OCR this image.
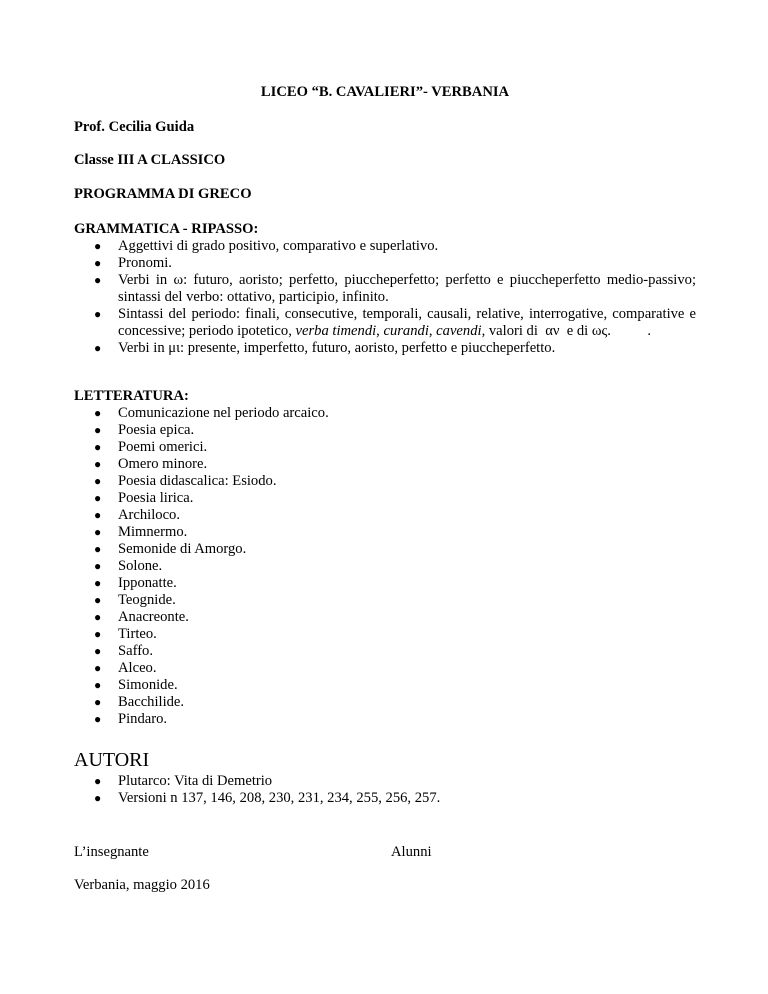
LICEO “B. CAVALIERI”- VERBANIA
Prof. Cecilia Guida
Classe III A CLASSICO
PROGRAMMA DI GRECO
GRAMMATICA - RIPASSO:
● Aggettivi di grado positivo, comparativo e superlativo.
● Pronomi.
● Verbi in ω: futuro, aoristo; perfetto, piuccheperfetto; perfetto e piuccheperfetto medio-passivo; sintassi del verbo: ottativo, participio, infinito.
● Sintassi del periodo: finali, consecutive, temporali, causali, relative, interrogative, comparative e concessive; periodo ipotetico, verba timendi, curandi, cavendi, valori di  αν  e di ως.          .
● Verbi in μι: presente, imperfetto, futuro, aoristo, perfetto e piuccheperfetto.
LETTERATURA:
● Comunicazione nel periodo arcaico.
● Poesia epica.
● Poemi omerici.
● Omero minore.
● Poesia didascalica: Esiodo.
● Poesia lirica.
● Archiloco.
● Mimnermo.
● Semonide di Amorgo.
● Solone.
● Ipponatte.
● Teognide.
● Anacreonte.
● Tirteo.
● Saffo.
● Alceo.
● Simonide.
● Bacchilide.
● Pindaro.
AUTORI
● Plutarco: Vita di Demetrio
● Versioni n 137, 146, 208, 230, 231, 234, 255, 256, 257.
L’insegnante	Alunni
Verbania, maggio 2016
